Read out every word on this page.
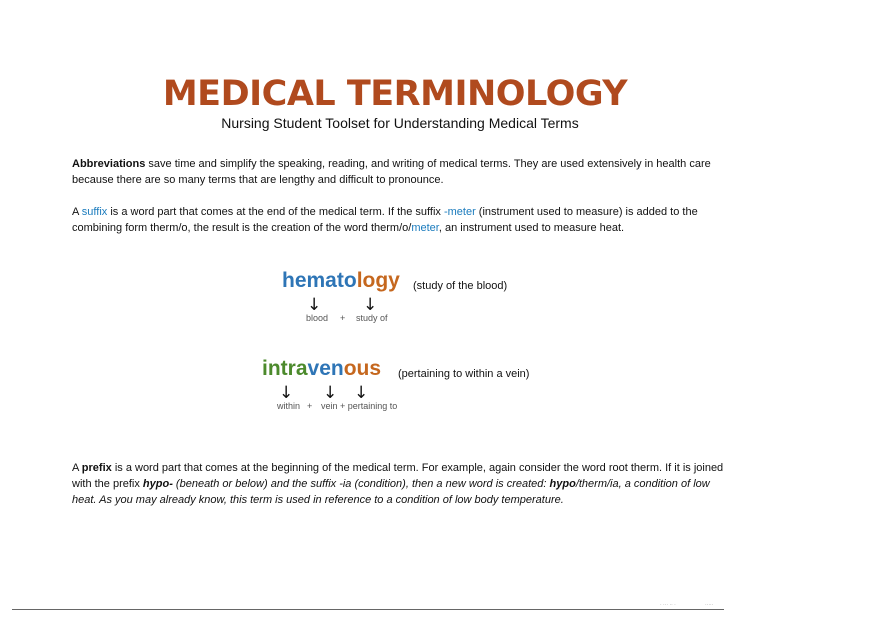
MEDICAL TERMINOLOGY
Nursing Student Toolset for Understanding Medical Terms
Abbreviations save time and simplify the speaking, reading, and writing of medical terms. They are used extensively in health care because there are so many terms that are lengthy and difficult to pronounce.
A suffix is a word part that comes at the end of the medical term. If the suffix -meter (instrument used to measure) is added to the combining form therm/o, the result is the creation of the word therm/o/meter, an instrument used to measure heat.
hematology (study of the blood)
↓ ↓
blood + study of
intravenous (pertaining to within a vein)
↓ ↓ ↓
within + vein + pertaining to
A prefix is a word part that comes at the beginning of the medical term. For example, again consider the word root therm. If it is joined with the prefix hypo- (beneath or below) and the suffix -ia (condition), then a new word is created: hypo/therm/ia, a condition of low heat. As you may already know, this term is used in reference to a condition of low body temperature.
· ··· ·· ·	·····
